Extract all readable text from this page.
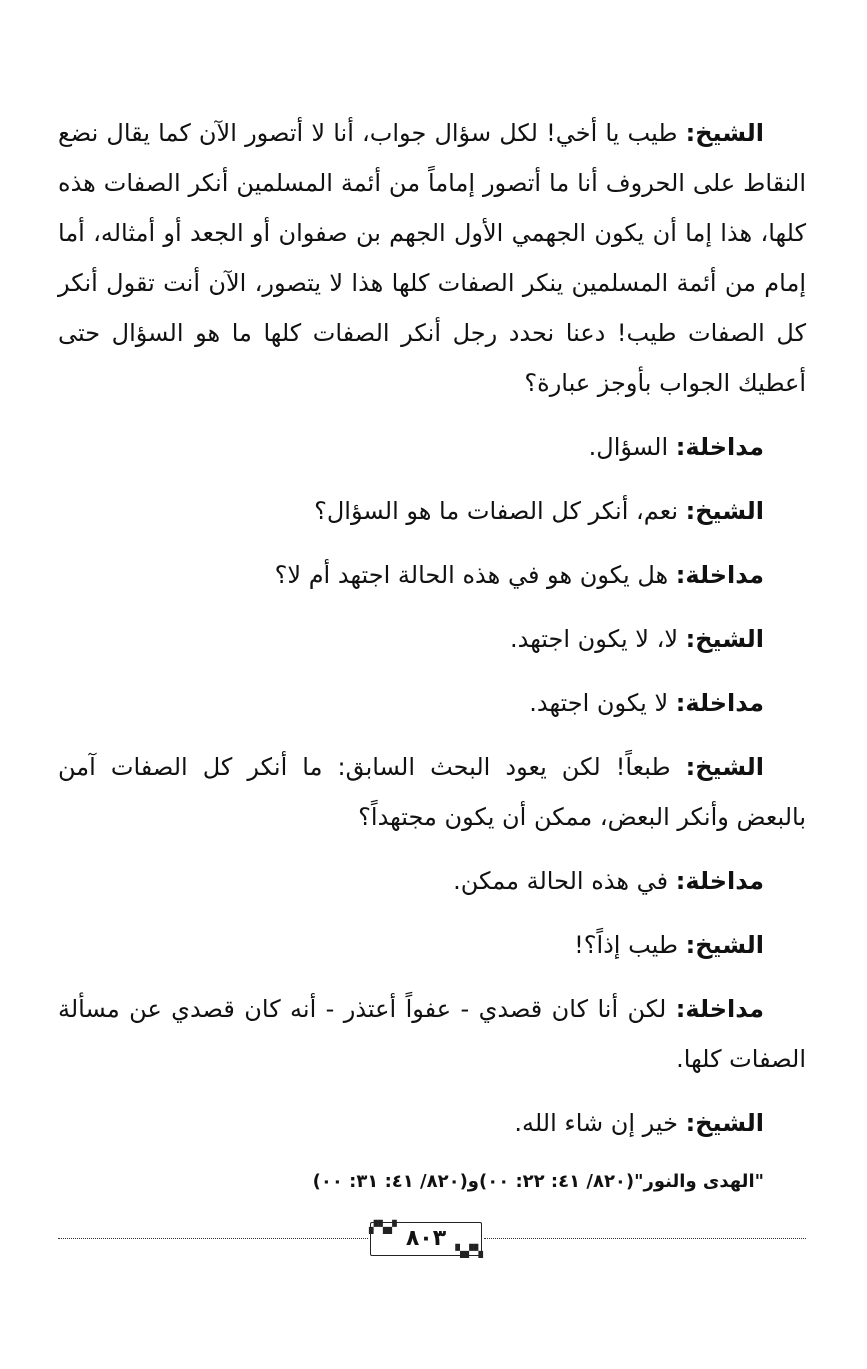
الشيخ: طيب يا أخي! لكل سؤال جواب، أنا لا أتصور الآن كما يقال نضع النقاط على الحروف أنا ما أتصور إماماً من أئمة المسلمين أنكر الصفات هذه كلها، هذا إما أن يكون الجهمي الأول الجهم بن صفوان أو الجعد أو أمثاله، أما إمام من أئمة المسلمين ينكر الصفات كلها هذا لا يتصور، الآن أنت تقول أنكر كل الصفات طيب! دعنا نحدد رجل أنكر الصفات كلها ما هو السؤال حتى أعطيك الجواب بأوجز عبارة؟

مداخلة: السؤال.

الشيخ: نعم، أنكر كل الصفات ما هو السؤال؟

مداخلة: هل يكون هو في هذه الحالة اجتهد أم لا؟

الشيخ: لا، لا يكون اجتهد.

مداخلة: لا يكون اجتهد.

الشيخ: طبعاً! لكن يعود البحث السابق: ما أنكر كل الصفات آمن بالبعض وأنكر البعض، ممكن أن يكون مجتهداً؟

مداخلة: في هذه الحالة ممكن.

الشيخ: طيب إذاً؟!

مداخلة: لكن أنا كان قصدي - عفواً أعتذر - أنه كان قصدي عن مسألة الصفات كلها.

الشيخ: خير إن شاء الله.

"الهدى والنور"(٨٢٠/ ٤١: ٢٢: ٠٠)و(٨٢٠/ ٤١: ٣١: ٠٠)

▞▚▞
▚▞▚
٨٠٣
